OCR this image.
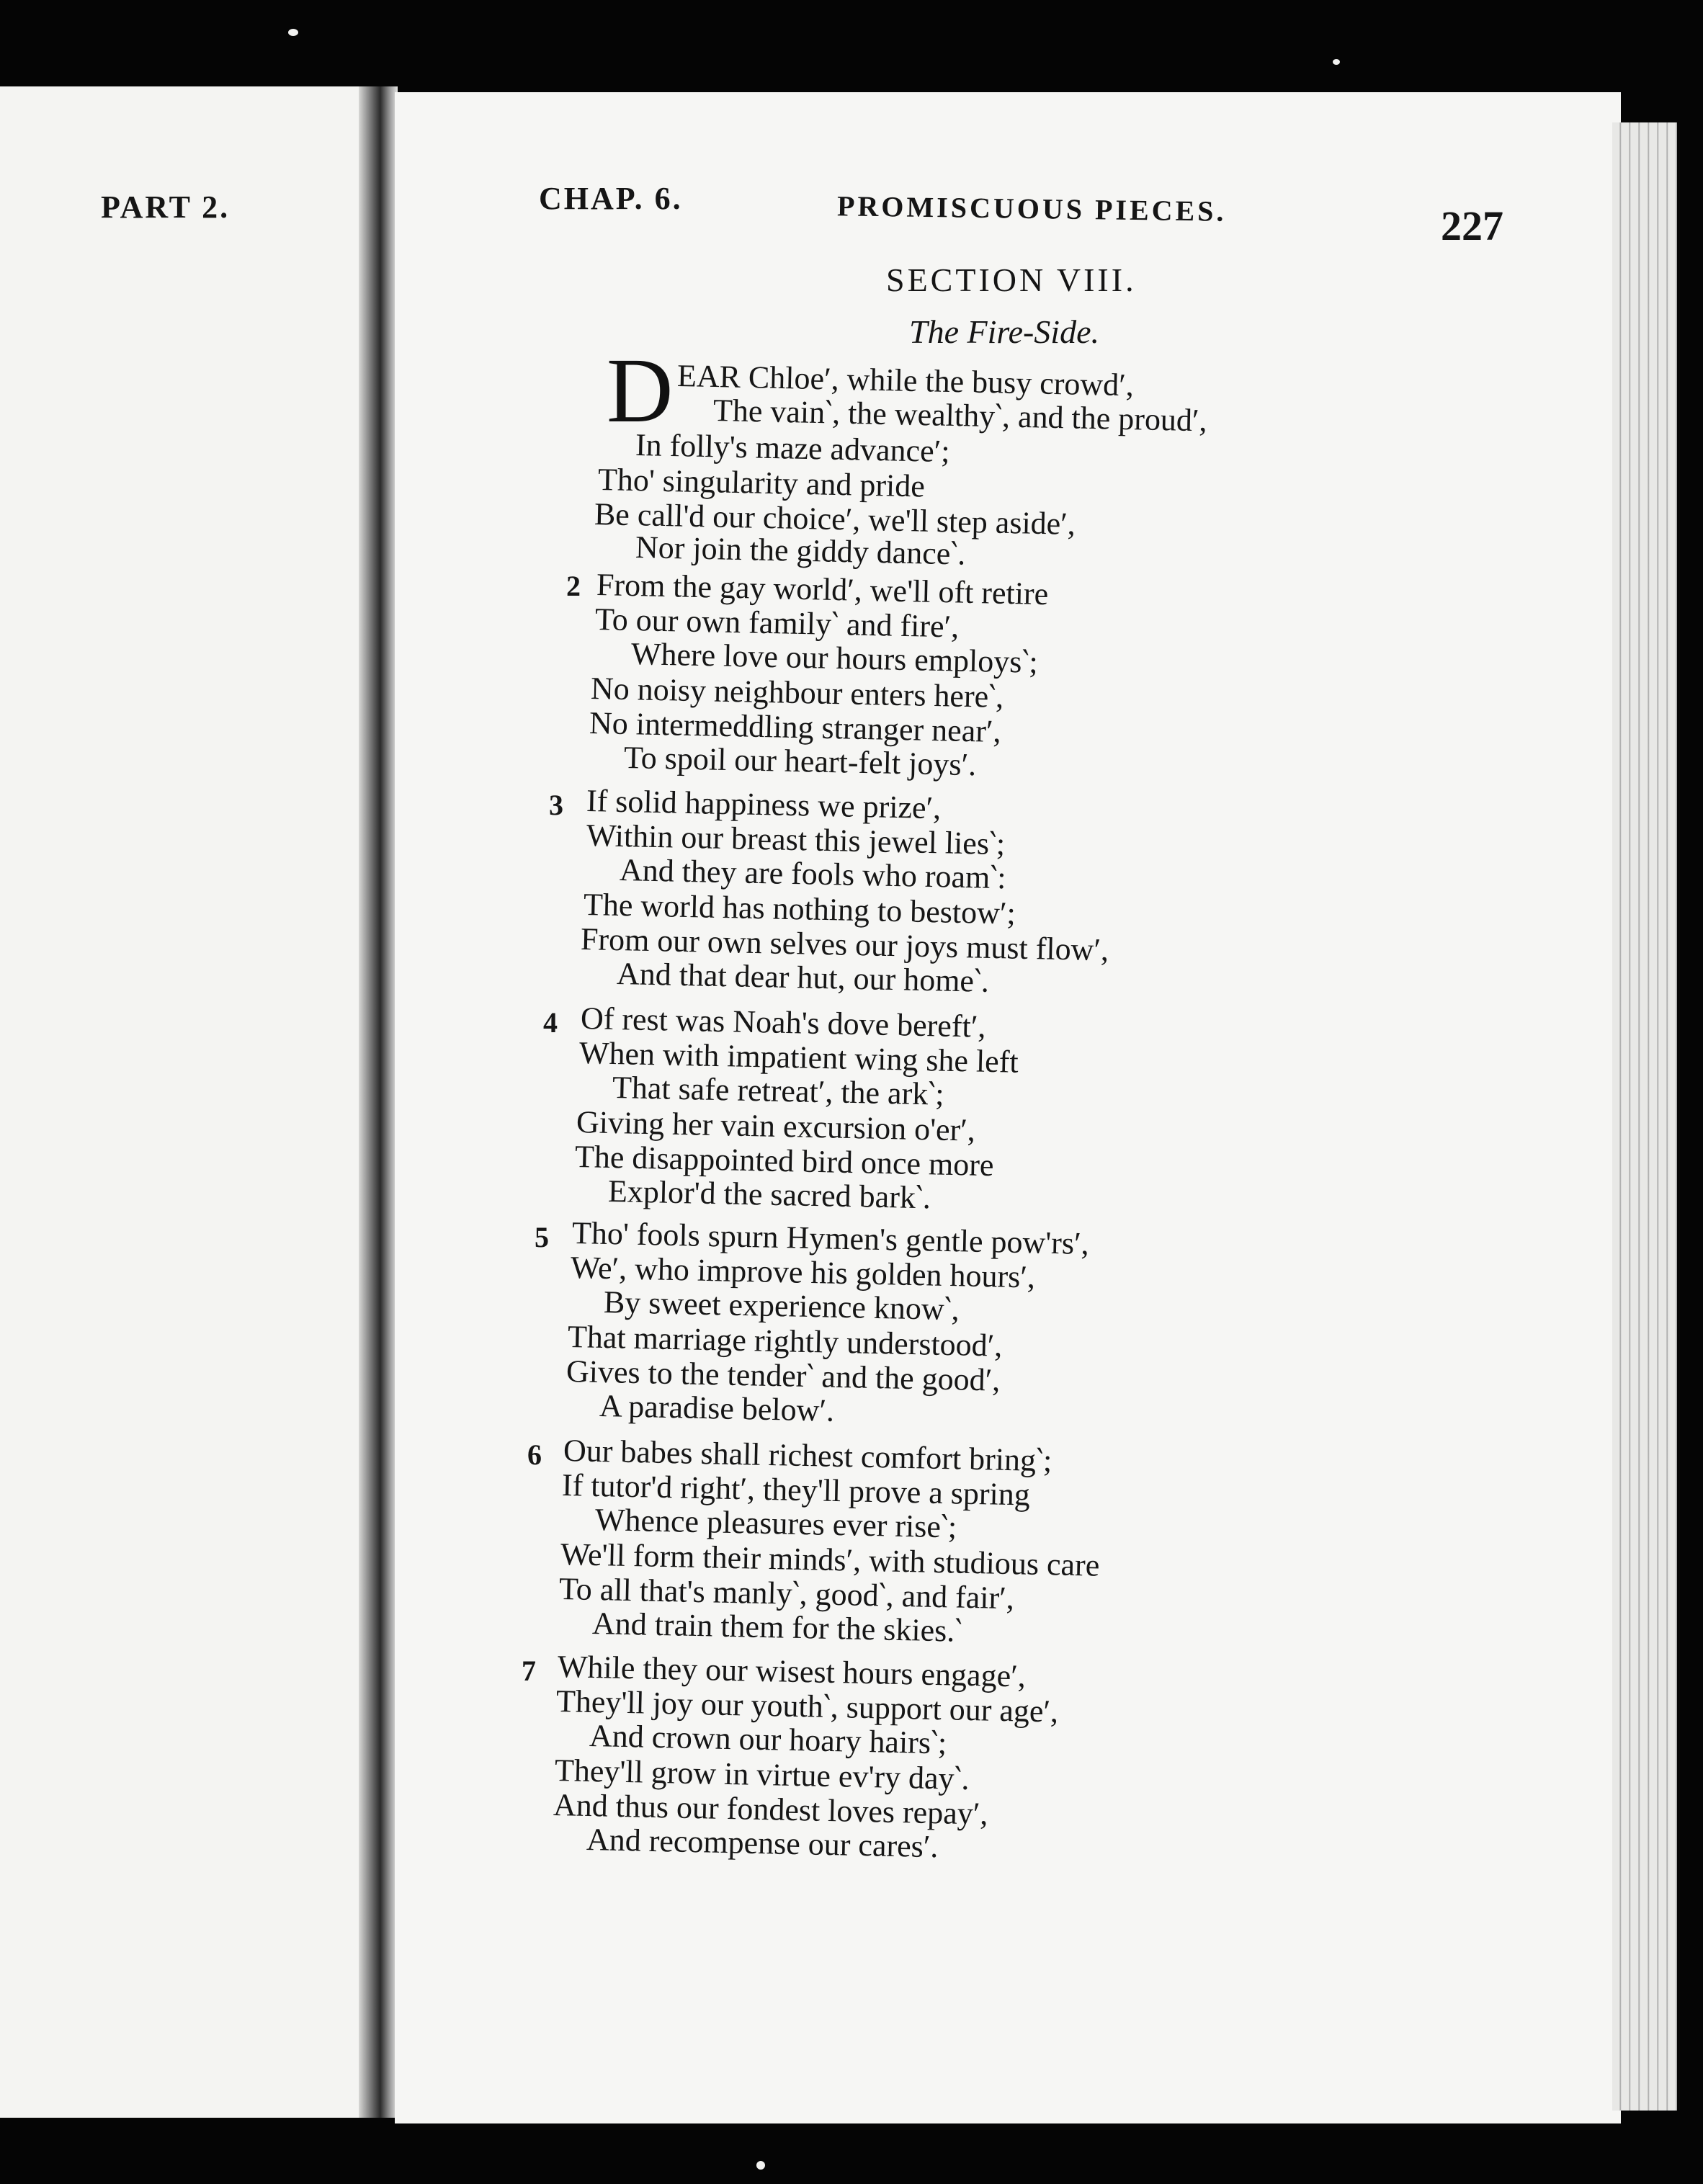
PART 2.	CHAP. 6.	PROMISCUOUS PIECES.	227
SECTION VIII.
The Fire-Side.
D EAR Chloe′, while the busy crowd′,
The vain‵, the wealthy‵, and the proud′,
In folly's maze advance′;
Tho' singularity and pride
Be call'd our choice′, we'll step aside′,
Nor join the giddy dance‵.
2 From the gay world′, we'll oft retire
To our own family‵ and fire′,
Where love our hours employs‵;
No noisy neighbour enters here‵,
No intermeddling stranger near′,
To spoil our heart-felt joys′.
3 If solid happiness we prize′,
Within our breast this jewel lies‵;
And they are fools who roam‵:
The world has nothing to bestow′;
From our own selves our joys must flow′,
And that dear hut, our home‵.
4 Of rest was Noah's dove bereft′,
When with impatient wing she left
That safe retreat′, the ark‵;
Giving her vain excursion o'er′,
The disappointed bird once more
Explor'd the sacred bark‵.
5 Tho' fools spurn Hymen's gentle pow'rs′,
We′, who improve his golden hours′,
By sweet experience know‵,
That marriage rightly understood′,
Gives to the tender‵ and the good′,
A paradise below′.
6 Our babes shall richest comfort bring‵;
If tutor'd right′, they'll prove a spring
Whence pleasures ever rise‵;
We'll form their minds′, with studious care
To all that's manly‵, good‵, and fair′,
And train them for the skies.‵
7 While they our wisest hours engage′,
They'll joy our youth‵, support our age′,
And crown our hoary hairs‵;
They'll grow in virtue ev'ry day‵.
And thus our fondest loves repay′,
And recompense our cares′.
